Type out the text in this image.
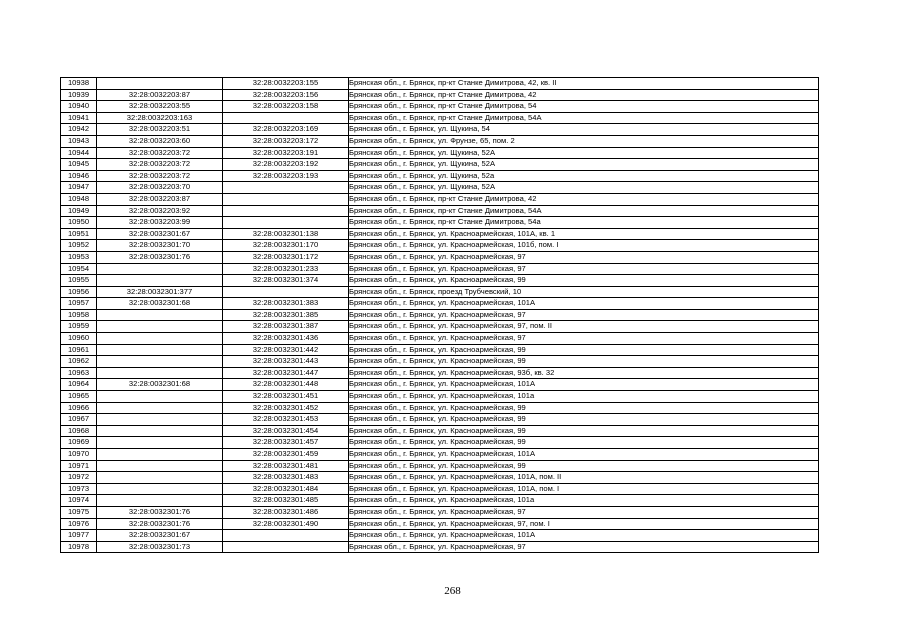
10938		32:28:0032203:155	Брянская обл., г. Брянск, пр-кт Станке Димитрова, 42, кв. II
10939	32:28:0032203:87	32:28:0032203:156	Брянская обл., г. Брянск, пр-кт Станке Димитрова, 42
10940	32:28:0032203:55	32:28:0032203:158	Брянская обл., г. Брянск, пр-кт Станке Димитрова, 54
10941	32:28:0032203:163		Брянская обл., г. Брянск, пр-кт Станке Димитрова, 54А
10942	32:28:0032203:51	32:28:0032203:169	Брянская обл., г. Брянск, ул. Щукина, 54
10943	32:28:0032203:60	32:28:0032203:172	Брянская обл., г. Брянск, ул. Фрунзе, 65, пом. 2
10944	32:28:0032203:72	32:28:0032203:191	Брянская обл., г. Брянск, ул. Щукина, 52А
10945	32:28:0032203:72	32:28:0032203:192	Брянская обл., г. Брянск, ул. Щукина, 52А
10946	32:28:0032203:72	32:28:0032203:193	Брянская обл., г. Брянск, ул. Щукина, 52а
10947	32:28:0032203:70		Брянская обл., г. Брянск, ул. Щукина, 52А
10948	32:28:0032203:87		Брянская обл., г. Брянск, пр-кт Станке Димитрова, 42
10949	32:28:0032203:92		Брянская обл., г. Брянск, пр-кт Станке Димитрова, 54А
10950	32:28:0032203:99		Брянская обл., г. Брянск, пр-кт Станке Димитрова, 54а
10951	32:28:0032301:67	32:28:0032301:138	Брянская обл., г. Брянск, ул. Красноармейская, 101А, кв. 1
10952	32:28:0032301:70	32:28:0032301:170	Брянская обл., г. Брянск, ул. Красноармейская, 101б, пом. I
10953	32:28:0032301:76	32:28:0032301:172	Брянская обл., г. Брянск, ул. Красноармейская, 97
10954		32:28:0032301:233	Брянская обл., г. Брянск, ул. Красноармейская, 97
10955		32:28:0032301:374	Брянская обл., г. Брянск, ул. Красноармейская, 99
10956	32:28:0032301:377		Брянская обл., г. Брянск, проезд Трубчевский, 10
10957	32:28:0032301:68	32:28:0032301:383	Брянская обл., г. Брянск, ул. Красноармейская, 101А
10958		32:28:0032301:385	Брянская обл., г. Брянск, ул. Красноармейская, 97
10959		32:28:0032301:387	Брянская обл., г. Брянск, ул. Красноармейская, 97, пом. II
10960		32:28:0032301:436	Брянская обл., г. Брянск, ул. Красноармейская, 97
10961		32:28:0032301:442	Брянская обл., г. Брянск, ул. Красноармейская, 99
10962		32:28:0032301:443	Брянская обл., г. Брянск, ул. Красноармейская, 99
10963		32:28:0032301:447	Брянская обл., г. Брянск, ул. Красноармейская, 93б, кв. 32
10964	32:28:0032301:68	32:28:0032301:448	Брянская обл., г. Брянск, ул. Красноармейская, 101А
10965		32:28:0032301:451	Брянская обл., г. Брянск, ул. Красноармейская, 101а
10966		32:28:0032301:452	Брянская обл., г. Брянск, ул. Красноармейская, 99
10967		32:28:0032301:453	Брянская обл., г. Брянск, ул. Красноармейская, 99
10968		32:28:0032301:454	Брянская обл., г. Брянск, ул. Красноармейская, 99
10969		32:28:0032301:457	Брянская обл., г. Брянск, ул. Красноармейская, 99
10970		32:28:0032301:459	Брянская обл., г. Брянск, ул. Красноармейская, 101А
10971		32:28:0032301:481	Брянская обл., г. Брянск, ул. Красноармейская, 99
10972		32:28:0032301:483	Брянская обл., г. Брянск, ул. Красноармейская, 101А, пом. II
10973		32:28:0032301:484	Брянская обл., г. Брянск, ул. Красноармейская, 101А, пом. I
10974		32:28:0032301:485	Брянская обл., г. Брянск, ул. Красноармейская, 101а
10975	32:28:0032301:76	32:28:0032301:486	Брянская обл., г. Брянск, ул. Красноармейская, 97
10976	32:28:0032301:76	32:28:0032301:490	Брянская обл., г. Брянск, ул. Красноармейская, 97, пом. I
10977	32:28:0032301:67		Брянская обл., г. Брянск, ул. Красноармейская, 101А
10978	32:28:0032301:73		Брянская обл., г. Брянск, ул. Красноармейская, 97
268
